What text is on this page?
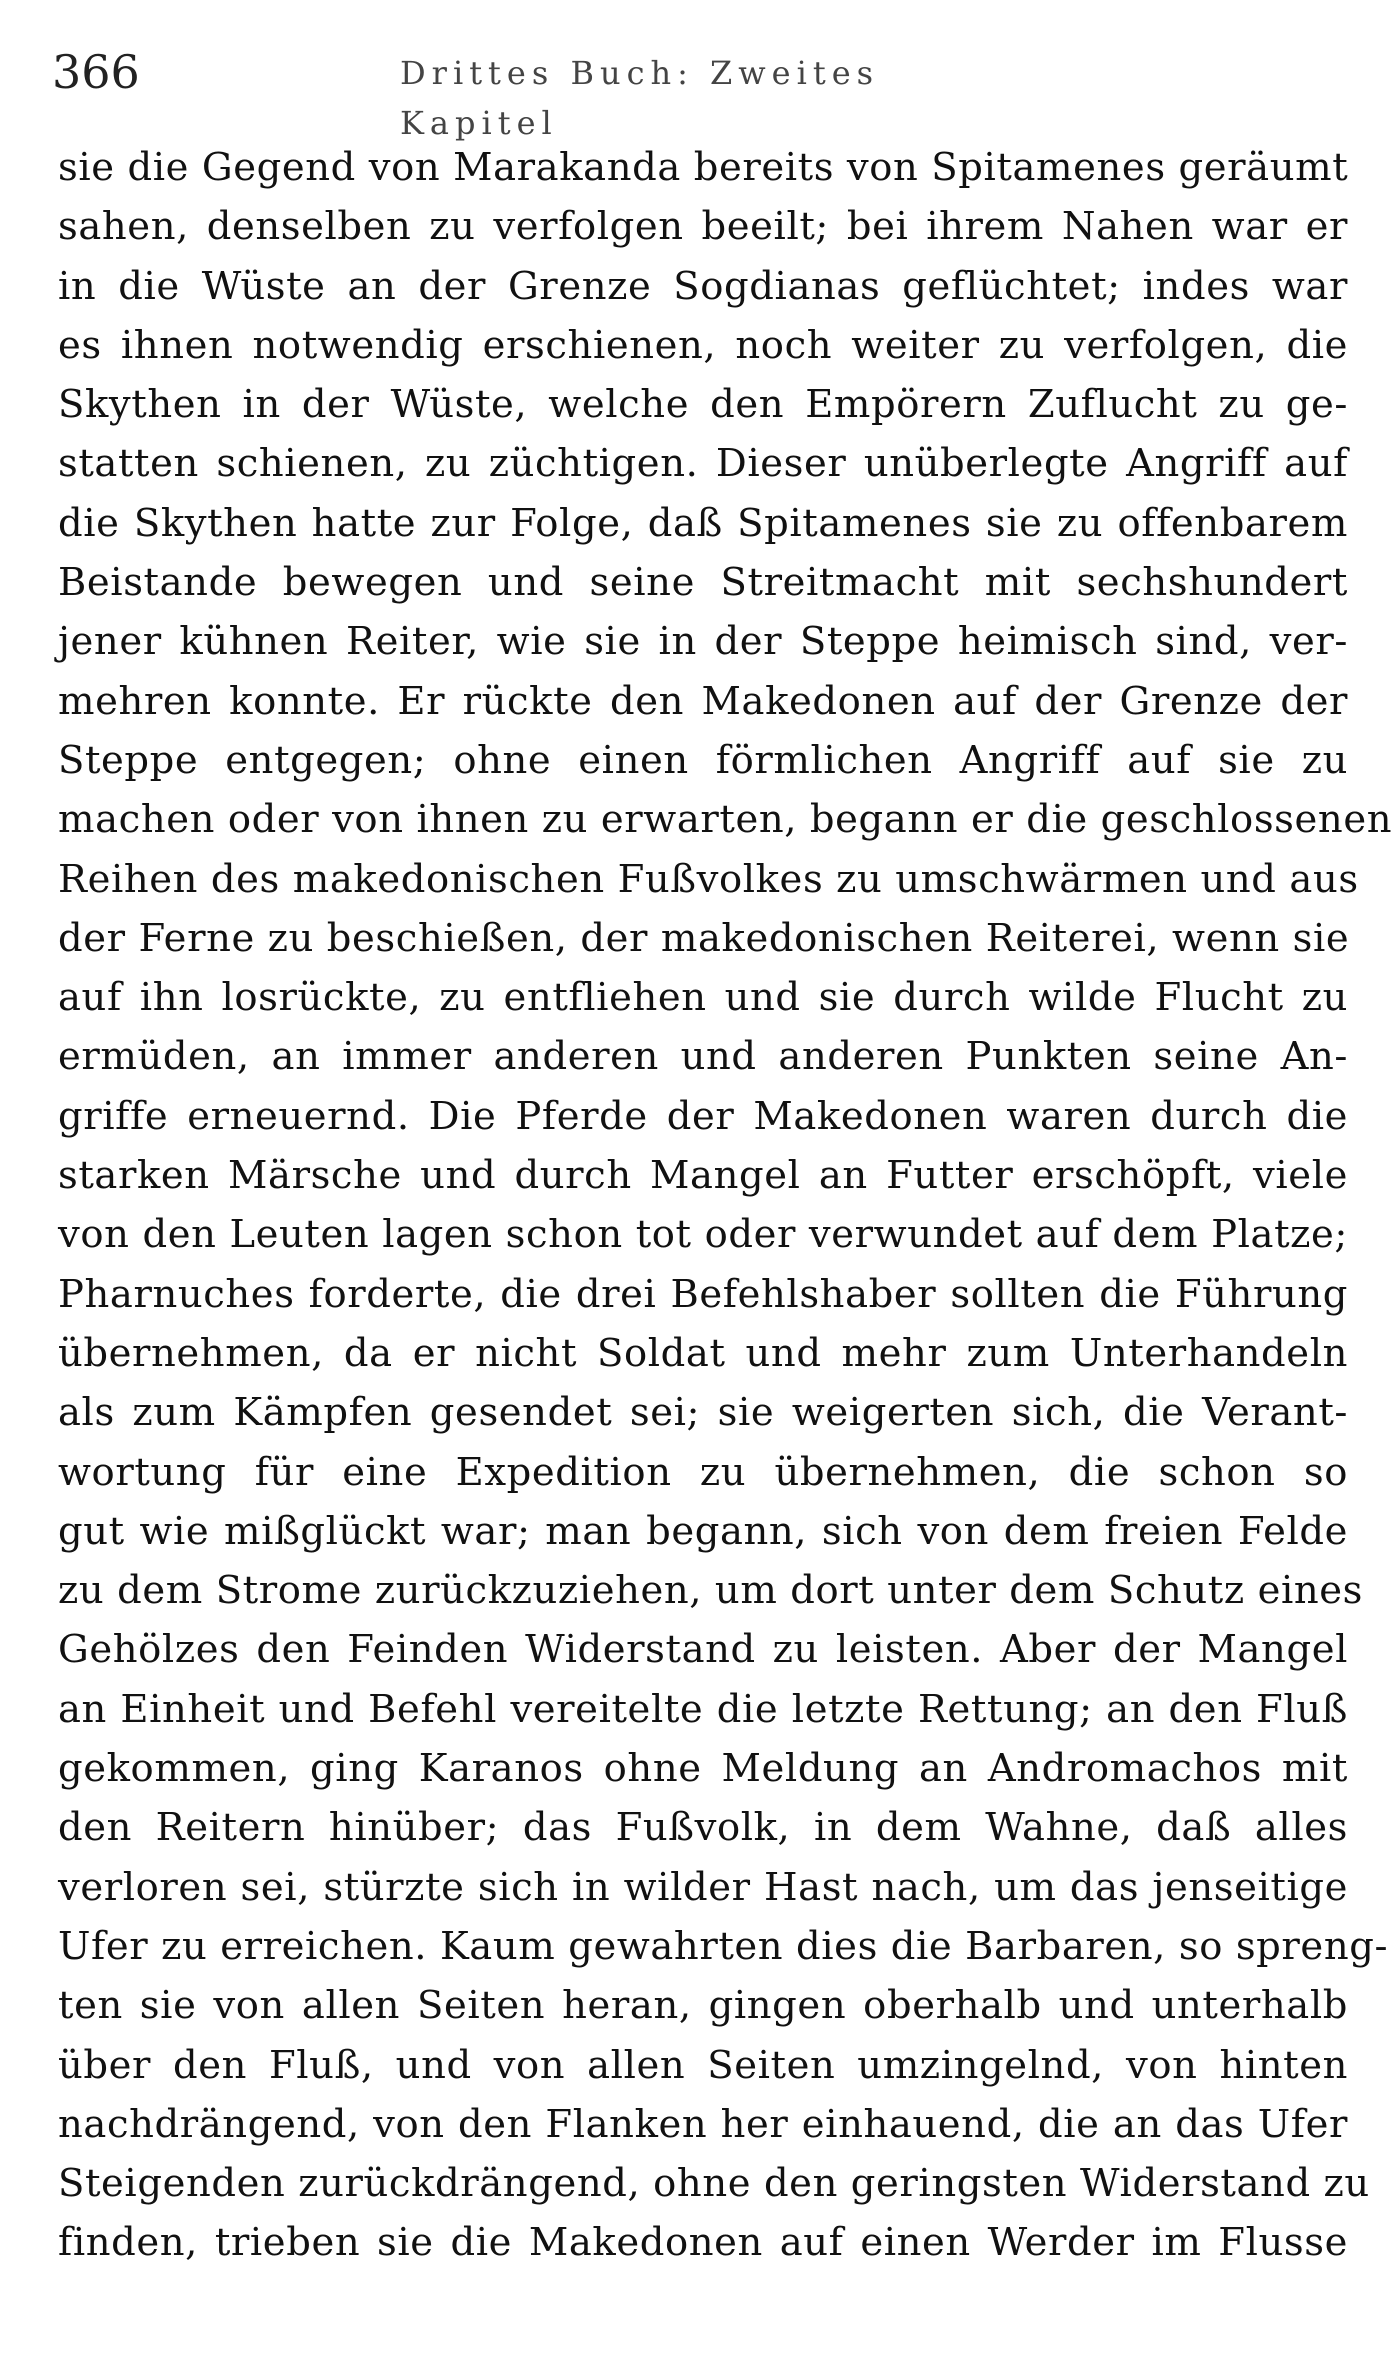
366	Drittes Buch: Zweites Kapitel
sie die Gegend von Marakanda bereits von Spitamenes geräumt
sahen, denselben zu verfolgen beeilt; bei ihrem Nahen war er
in die Wüste an der Grenze Sogdianas geflüchtet; indes war
es ihnen notwendig erschienen, noch weiter zu verfolgen, die
Skythen in der Wüste, welche den Empörern Zuflucht zu ge-
statten schienen, zu züchtigen. Dieser unüberlegte Angriff auf
die Skythen hatte zur Folge, daß Spitamenes sie zu offenbarem
Beistande bewegen und seine Streitmacht mit sechshundert
jener kühnen Reiter, wie sie in der Steppe heimisch sind, ver-
mehren konnte. Er rückte den Makedonen auf der Grenze der
Steppe entgegen; ohne einen förmlichen Angriff auf sie zu
machen oder von ihnen zu erwarten, begann er die geschlossenen
Reihen des makedonischen Fußvolkes zu umschwärmen und aus
der Ferne zu beschießen, der makedonischen Reiterei, wenn sie
auf ihn losrückte, zu entfliehen und sie durch wilde Flucht zu
ermüden, an immer anderen und anderen Punkten seine An-
griffe erneuernd. Die Pferde der Makedonen waren durch die
starken Märsche und durch Mangel an Futter erschöpft, viele
von den Leuten lagen schon tot oder verwundet auf dem Platze;
Pharnuches forderte, die drei Befehlshaber sollten die Führung
übernehmen, da er nicht Soldat und mehr zum Unterhandeln
als zum Kämpfen gesendet sei; sie weigerten sich, die Verant-
wortung für eine Expedition zu übernehmen, die schon so
gut wie mißglückt war; man begann, sich von dem freien Felde
zu dem Strome zurückzuziehen, um dort unter dem Schutz eines
Gehölzes den Feinden Widerstand zu leisten. Aber der Mangel
an Einheit und Befehl vereitelte die letzte Rettung; an den Fluß
gekommen, ging Karanos ohne Meldung an Andromachos mit
den Reitern hinüber; das Fußvolk, in dem Wahne, daß alles
verloren sei, stürzte sich in wilder Hast nach, um das jenseitige
Ufer zu erreichen. Kaum gewahrten dies die Barbaren, so spreng-
ten sie von allen Seiten heran, gingen oberhalb und unterhalb
über den Fluß, und von allen Seiten umzingelnd, von hinten
nachdrängend, von den Flanken her einhauend, die an das Ufer
Steigenden zurückdrängend, ohne den geringsten Widerstand zu
finden, trieben sie die Makedonen auf einen Werder im Flusse
